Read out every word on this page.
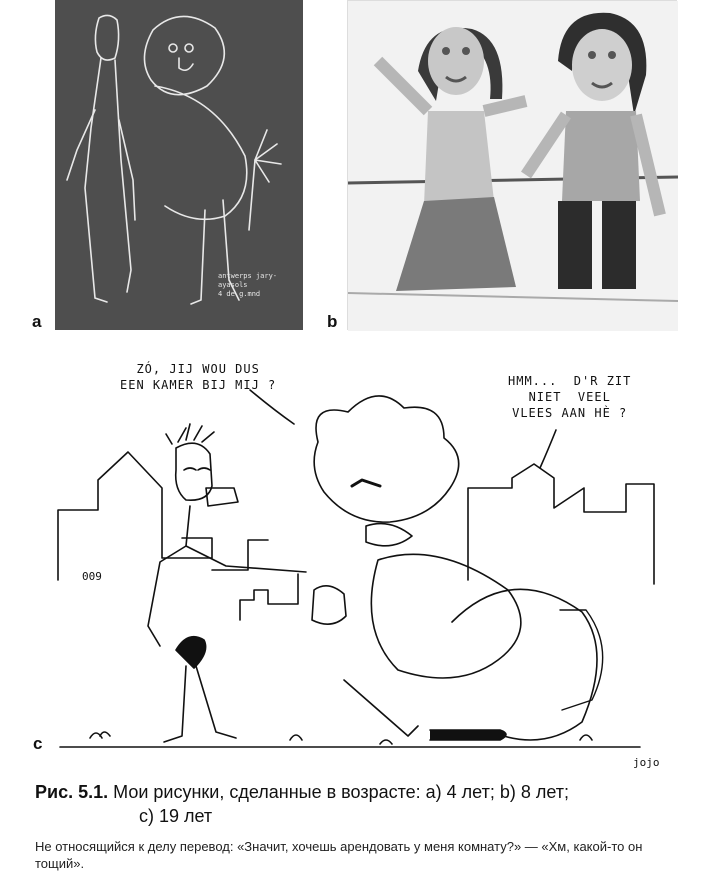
antwerps jary-ayasols
4 de g.mnd
a	b
ZÓ, JIJ WOU DUS
EEN KAMER BIJ MIJ ?	HMM...  D'R ZIT
NIET  VEEL
VLEES AAN HÈ ?
009
jojo
c
Рис. 5.1. Мои рисунки, сделанные в возрасте: а) 4 лет; b) 8 лет;
с) 19 лет
Не относящийся к делу перевод: «Значит, хочешь арендовать у меня комнату?» — «Хм, какой-то он тощий».
